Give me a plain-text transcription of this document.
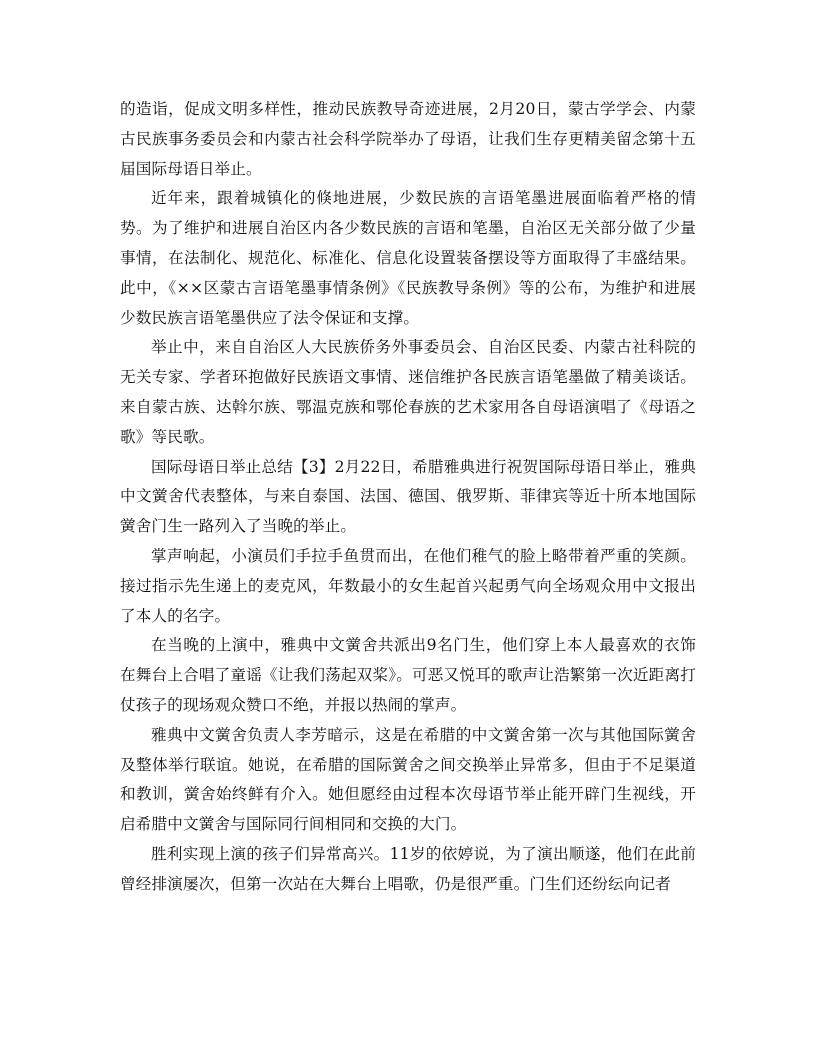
的造诣，促成文明多样性，推动民族教导奇迹进展，2月20日，蒙古学学会、内蒙古民族事务委员会和内蒙古社会科学院举办了母语，让我们生存更精美留念第十五届国际母语日举止。

近年来，跟着城镇化的倏地进展，少数民族的言语笔墨进展面临着严格的情势。为了维护和进展自治区内各少数民族的言语和笔墨，自治区无关部分做了少量事情，在法制化、规范化、标准化、信息化设置装备摆设等方面取得了丰盛结果。此中，《××区蒙古言语笔墨事情条例》《民族教导条例》等的公布，为维护和进展少数民族言语笔墨供应了法令保证和支撑。

举止中，来自自治区人大民族侨务外事委员会、自治区民委、内蒙古社科院的无关专家、学者环抱做好民族语文事情、迷信维护各民族言语笔墨做了精美谈话。来自蒙古族、达斡尔族、鄂温克族和鄂伦春族的艺术家用各自母语演唱了《母语之歌》等民歌。

国际母语日举止总结【3】2月22日，希腊雅典进行祝贺国际母语日举止，雅典中文黉舍代表整体，与来自泰国、法国、德国、俄罗斯、菲律宾等近十所本地国际黉舍门生一路列入了当晚的举止。

掌声响起，小演员们手拉手鱼贯而出，在他们稚气的脸上略带着严重的笑颜。接过指示先生递上的麦克风，年数最小的女生起首兴起勇气向全场观众用中文报出了本人的名字。

在当晚的上演中，雅典中文黉舍共派出9名门生，他们穿上本人最喜欢的衣饰在舞台上合唱了童谣《让我们荡起双桨》。可恶又悦耳的歌声让浩繁第一次近距离打仗孩子的现场观众赞口不绝，并报以热闹的掌声。

雅典中文黉舍负责人李芳暗示，这是在希腊的中文黉舍第一次与其他国际黉舍及整体举行联谊。她说，在希腊的国际黉舍之间交换举止异常多，但由于不足渠道和教训，黉舍始终鲜有介入。她但愿经由过程本次母语节举止能开辟门生视线，开启希腊中文黉舍与国际同行间相同和交换的大门。

胜利实现上演的孩子们异常高兴。11岁的依婷说，为了演出顺遂，他们在此前曾经排演屡次，但第一次站在大舞台上唱歌，仍是很严重。门生们还纷纭向记者
